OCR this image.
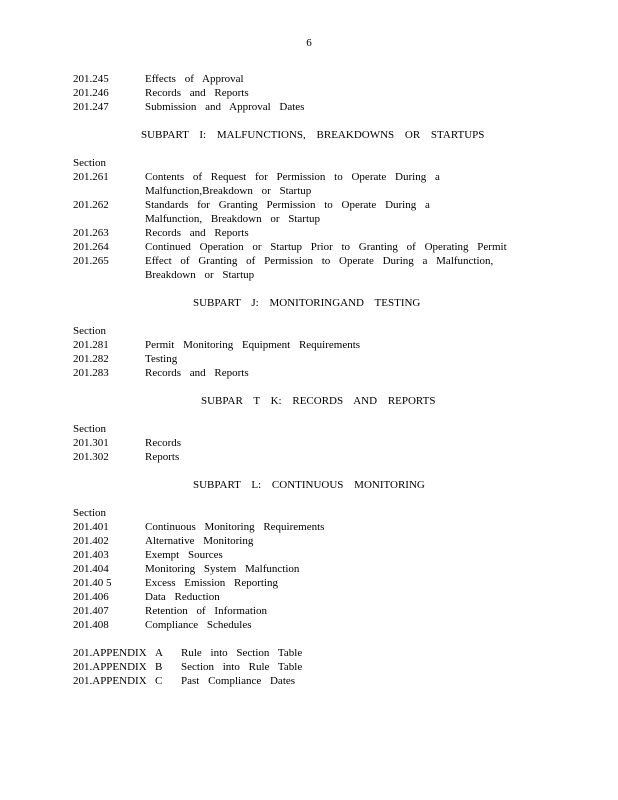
6
201.245	Effects of Approval
201.246	Records and Reports
201.247	Submission and Approval Dates
SUBPART I: MALFUNCTIONS, BREAKDOWNS OR STARTUPS
Section
201.261	Contents of Request for Permission to Operate During a Malfunction,Breakdown or Startup
201.262	Standards for Granting Permission to Operate During a Malfunction, Breakdown or Startup
201.263	Records and Reports
201.264	Continued Operation or Startup Prior to Granting of Operating Permit
201.265	Effect of Granting of Permission to Operate During a Malfunction, Breakdown or Startup
SUBPART J: MONITORINGAND TESTING
Section
201.281	Permit Monitoring Equipment Requirements
201.282	Testing
201.283	Records and Reports
SUBPAR T K: RECORDS AND REPORTS
Section
201.301	Records
201.302	Reports
SUBPART L: CONTINUOUS MONITORING
Section
201.401	Continuous Monitoring Requirements
201.402	Alternative Monitoring
201.403	Exempt Sources
201.404	Monitoring System Malfunction
201.40 5	Excess Emission Reporting
201.406	Data Reduction
201.407	Retention of Information
201.408	Compliance Schedules
201.APPENDIX A	Rule into Section Table
201.APPENDIX B	Section into Rule Table
201.APPENDIX C	Past Compliance Dates
